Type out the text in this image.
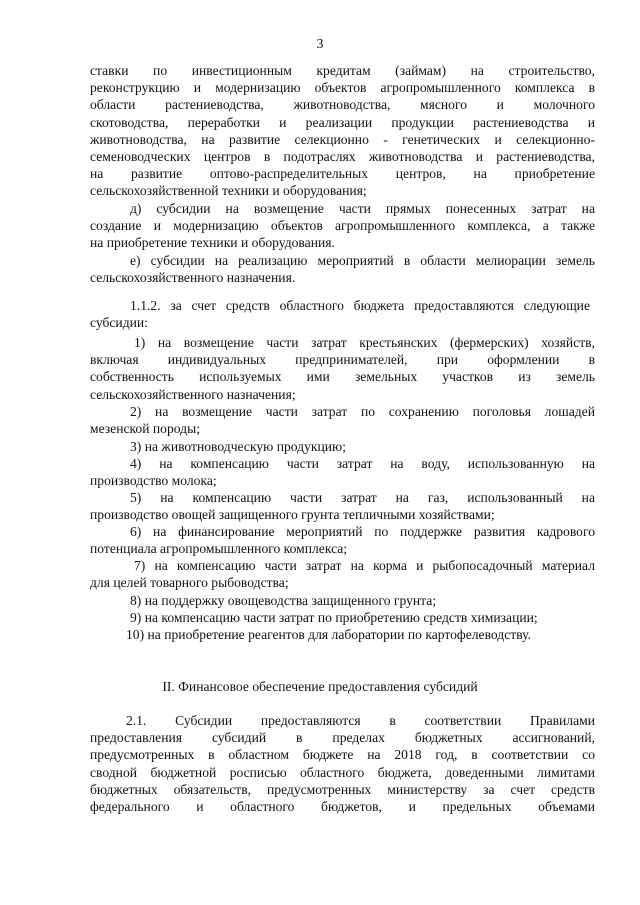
3
ставки по инвестиционным кредитам (займам) на строительство,
реконструкцию и модернизацию объектов агропромышленного комплекса в
области растениеводства, животноводства, мясного и молочного
скотоводства, переработки и реализации продукции растениеводства и
животноводства, на развитие селекционно - генетических и селекционно-
семеноводческих центров в подотраслях животноводства и растениеводства,
на развитие оптово-распределительных центров, на приобретение
сельскохозяйственной техники и оборудования;
д) субсидии на возмещение части прямых понесенных затрат на
создание и модернизацию объектов агропромышленного комплекса, а также
на приобретение техники и оборудования.
е) субсидии на реализацию мероприятий в области мелиорации земель
сельскохозяйственного назначения.
1.1.2. за счет средств областного бюджета предоставляются следующие
субсидии:
1) на возмещение части затрат крестьянских (фермерских) хозяйств,
включая индивидуальных предпринимателей, при оформлении в
собственность используемых ими земельных участков из земель
сельскохозяйственного назначения;
2) на возмещение части затрат по сохранению поголовья лошадей
мезенской породы;
3) на животноводческую продукцию;
4) на компенсацию части затрат на воду, использованную на
производство молока;
5) на компенсацию части затрат на газ, использованный на
производство овощей защищенного грунта тепличными хозяйствами;
6) на финансирование мероприятий по поддержке развития кадрового
потенциала агропромышленного комплекса;
7) на компенсацию части затрат на корма и рыбопосадочный материал
для целей товарного рыбоводства;
8) на поддержку овощеводства защищенного грунта;
9) на компенсацию части затрат по приобретению средств химизации;
10) на приобретение реагентов для лаборатории по картофелеводству.
II. Финансовое обеспечение предоставления субсидий
2.1. Субсидии предоставляются в соответствии Правилами
предоставления субсидий в пределах бюджетных ассигнований,
предусмотренных в областном бюджете на 2018 год, в соответствии со
сводной бюджетной росписью областного бюджета, доведенными лимитами
бюджетных обязательств, предусмотренных министерству за счет средств
федерального и областного бюджетов, и предельных объемами
